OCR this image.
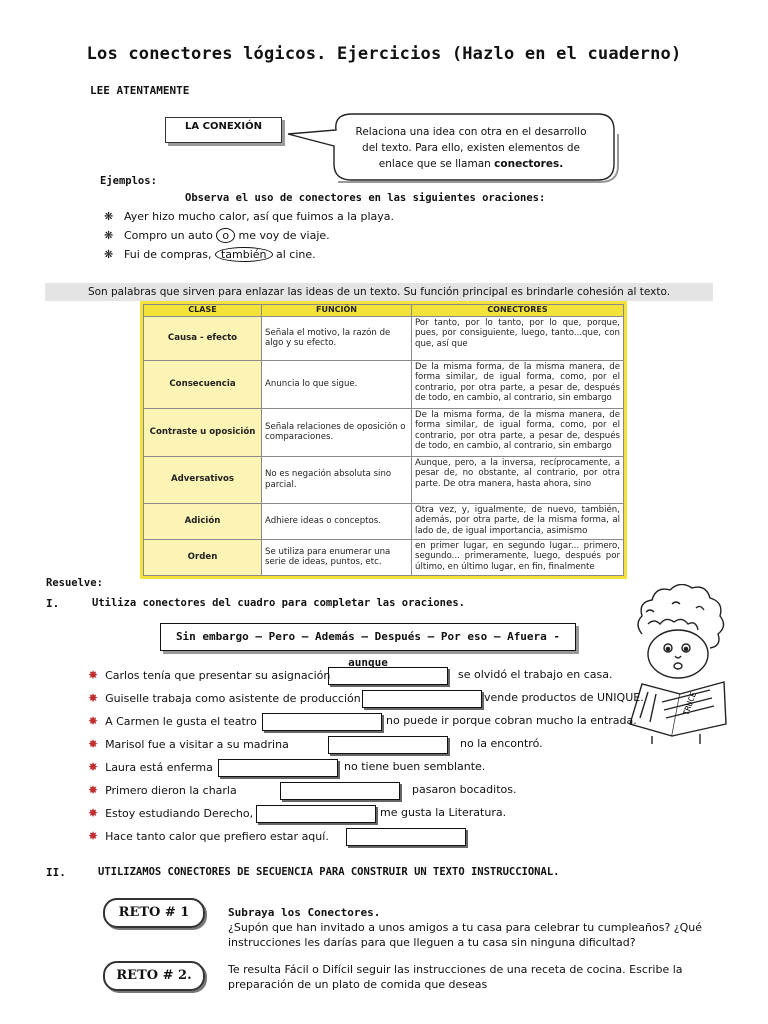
Los conectores lógicos. Ejercicios (Hazlo en el cuaderno)
LEE ATENTAMENTE
LA CONEXIÓN	Relaciona una idea con otra en el desarrollo
del texto. Para ello, existen elementos de
enlace que se llaman conectores.
Ejemplos:
Observa el uso de conectores en las siguientes oraciones:
❋ Ayer hizo mucho calor, así que fuimos a la playa.
❋ Compro un auto o me voy de viaje.
❋ Fui de compras, también al cine.
Son palabras que sirven para enlazar las ideas de un texto. Su función principal es brindarle cohesión al texto.
CLASE	FUNCIÓN	CONECTORES
Causa - efecto	Señala el motivo, la razón de algo y su efecto.	Por tanto, por lo tanto, por lo que, porque, pues, por consiguiente, luego, tanto...que, con que, así que
Consecuencia	Anuncia lo que sigue.	De la misma forma, de la misma manera, de forma similar, de igual forma, como, por el contrario, por otra parte, a pesar de, después de todo, en cambio, al contrario, sin embargo
Contraste u oposición	Señala relaciones de oposición o comparaciones.	De la misma forma, de la misma manera, de forma similar, de igual forma, como, por el contrario, por otra parte, a pesar de, después de todo, en cambio, al contrario, sin embargo
Adversativos	No es negación absoluta sino parcial.	Aunque, pero, a la inversa, recíprocamente, a pesar de, no obstante, al contrario, por otra parte. De otra manera, hasta ahora, sino
Adición	Adhiere ideas o conceptos.	Otra vez, y, igualmente, de nuevo, también, además, por otra parte, de la misma forma, al lado de, de igual importancia, asimismo
Orden	Se utiliza para enumerar una serie de ideas, puntos, etc.	en primer lugar, en segundo lugar... primero, segundo... primeramente, luego, después por último, en último lugar, en fin, finalmente
Resuelve:
I.	Utiliza conectores del cuadro para completar las oraciones.
Sin embargo – Pero – Además – Después – Por eso – Afuera - aunque
TRUCE
✸ Carlos tenía que presentar su asignación	se olvidó el trabajo en casa.
✸ Guiselle trabaja como asistente de producción	vende productos de UNIQUE.
✸ A Carmen le gusta el teatro	no puede ir porque cobran mucho la entrada.
✸ Marisol fue a visitar a su madrina	no la encontró.
✸ Laura está enferma	no tiene buen semblante.
✸ Primero dieron la charla	pasaron bocaditos.
✸ Estoy estudiando Derecho,	me gusta la Literatura.
✸ Hace tanto calor que prefiero estar aquí.
II.	UTILIZAMOS CONECTORES DE SECUENCIA PARA CONSTRUIR UN TEXTO INSTRUCCIONAL.
RETO # 1	Subraya los Conectores.
¿Supón que han invitado a unos amigos a tu casa para celebrar tu cumpleaños? ¿Qué
instrucciones les darías para que lleguen a tu casa sin ninguna dificultad?
RETO # 2.	Te resulta Fácil o Difícil seguir las instrucciones de una receta de cocina. Escribe la
preparación de un plato de comida que deseas
